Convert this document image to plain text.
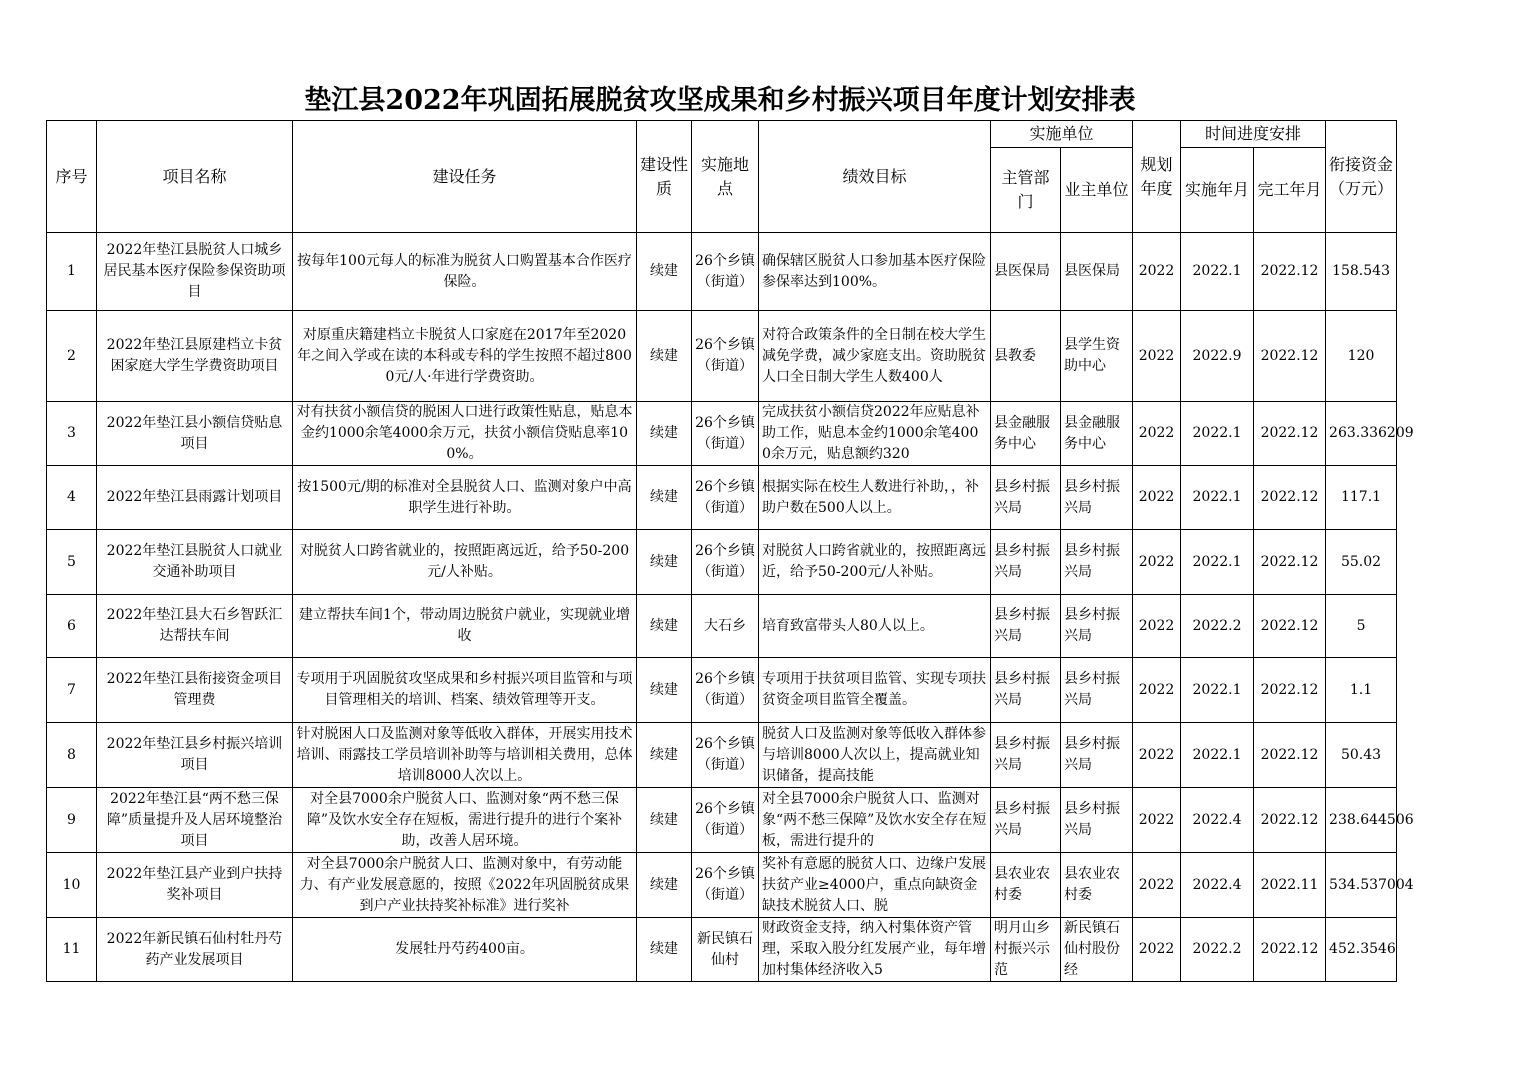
垫江县2022年巩固拓展脱贫攻坚成果和乡村振兴项目年度计划安排表
序号	项目名称	建设任务	建设性质	实施地点	绩效目标	实施单位		规划年度	时间进度安排		衔接资金（万元）
						主管部门	业主单位		实施年月	完工年月	

1	2022年垫江县脱贫人口城乡居民基本医疗保险参保资助项目	按每年100元每人的标准为脱贫人口购置基本合作医疗保险。	续建	26个乡镇（街道）	确保辖区脱贫人口参加基本医疗保险参保率达到100%。	县医保局	县医保局	2022	2022.1	2022.12	158.543

2	2022年垫江县原建档立卡贫困家庭大学生学费资助项目	对原重庆籍建档立卡脱贫人口家庭在2017年至2020年之间入学或在读的本科或专科的学生按照不超过8000元/人·年进行学费资助。	续建	26个乡镇（街道）	对符合政策条件的全日制在校大学生减免学费，减少家庭支出。资助脱贫人口全日制大学生人数400人	县教委	县学生资助中心	2022	2022.9	2022.12	120

3	2022年垫江县小额信贷贴息项目	对有扶贫小额信贷的脱困人口进行政策性贴息，贴息本金约1000余笔4000余万元，扶贫小额信贷贴息率100%。	续建	26个乡镇（街道）	完成扶贫小额信贷2022年应贴息补助工作，贴息本金约1000余笔4000余万元，贴息额约320	县金融服务中心	县金融服务中心	2022	2022.1	2022.12	263.336209

4	2022年垫江县雨露计划项目	按1500元/期的标准对全县脱贫人口、监测对象户中高职学生进行补助。	续建	26个乡镇（街道）	根据实际在校生人数进行补助，，补助户数在500人以上。	县乡村振兴局	县乡村振兴局	2022	2022.1	2022.12	117.1

5	2022年垫江县脱贫人口就业交通补助项目	对脱贫人口跨省就业的，按照距离远近，给予50-200元/人补贴。	续建	26个乡镇（街道）	对脱贫人口跨省就业的，按照距离远近，给予50-200元/人补贴。	县乡村振兴局	县乡村振兴局	2022	2022.1	2022.12	55.02

6	2022年垫江县大石乡智跃汇达帮扶车间	建立帮扶车间1个，带动周边脱贫户就业，实现就业增收	续建	大石乡	培育致富带头人80人以上。	县乡村振兴局	县乡村振兴局	2022	2022.2	2022.12	5

7	2022年垫江县衔接资金项目管理费	专项用于巩固脱贫攻坚成果和乡村振兴项目监管和与项目管理相关的培训、档案、绩效管理等开支。	续建	26个乡镇（街道）	专项用于扶贫项目监管、实现专项扶贫资金项目监管全覆盖。	县乡村振兴局	县乡村振兴局	2022	2022.1	2022.12	1.1

8	2022年垫江县乡村振兴培训项目	针对脱困人口及监测对象等低收入群体，开展实用技术培训、雨露技工学员培训补助等与培训相关费用，总体培训8000人次以上。	续建	26个乡镇（街道）	脱贫人口及监测对象等低收入群体参与培训8000人次以上，提高就业知识储备，提高技能	县乡村振兴局	县乡村振兴局	2022	2022.1	2022.12	50.43

9	2022年垫江县“两不愁三保障”质量提升及人居环境整治项目	对全县7000余户脱贫人口、监测对象“两不愁三保障”及饮水安全存在短板，需进行提升的进行个案补助，改善人居环境。	续建	26个乡镇（街道）	对全县7000余户脱贫人口、监测对象“两不愁三保障”及饮水安全存在短板，需进行提升的	县乡村振兴局	县乡村振兴局	2022	2022.4	2022.12	238.644506

10	2022年垫江县产业到户扶持奖补项目	对全县7000余户脱贫人口、监测对象中，有劳动能力、有产业发展意愿的，按照《2022年巩固脱贫成果到户产业扶持奖补标准》进行奖补	续建	26个乡镇（街道）	奖补有意愿的脱贫人口、边缘户发展扶贫产业≥4000户，重点向缺资金缺技术脱贫人口、脱	县农业农村委	县农业农村委	2022	2022.4	2022.11	534.537004

11	2022年新民镇石仙村牡丹芍药产业发展项目	发展牡丹芍药400亩。	续建	新民镇石仙村	财政资金支持，纳入村集体资产管理，采取入股分红发展产业，每年增加村集体经济收入5	明月山乡村振兴示范	新民镇石仙村股份经	2022	2022.2	2022.12	452.3546
